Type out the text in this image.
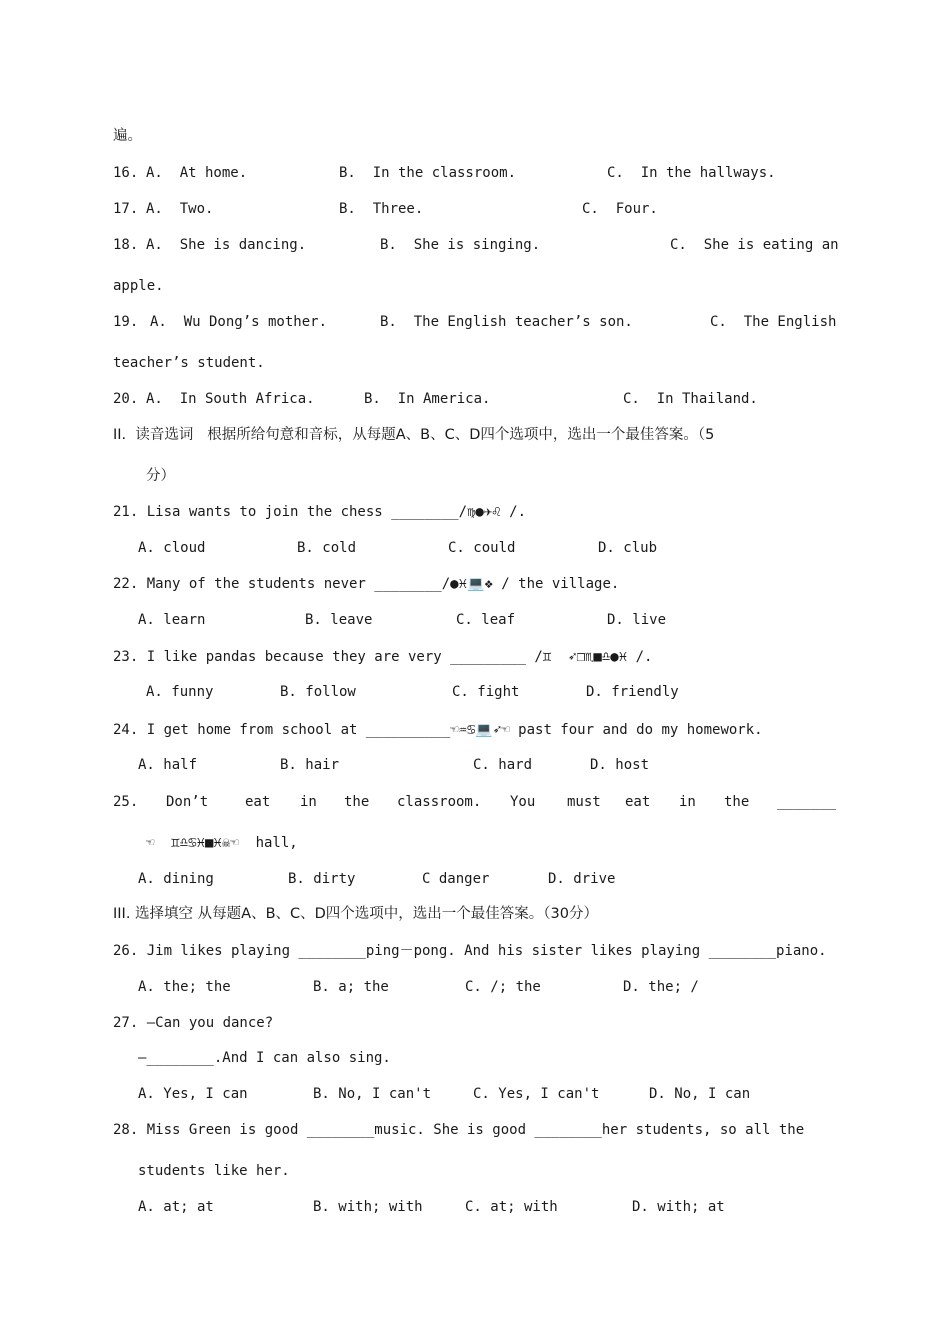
遍。
16. A.  At home.	B.  In the classroom.	C.  In the hallways.
17. A.  Two.	B.  Three.	C.  Four.
18. A.  She is dancing.	B.  She is singing.	C.  She is eating an
apple.
19. A.  Wu Dong’s mother.	B.  The English teacher’s son.	C.  The English
teacher’s student.
20. A.  In South Africa.	B.  In America.	C.  In Thailand.
II.  读音选词   根据所给句意和音标，从每题A、B、C、D四个选项中，选出一个最佳答案。（5
分）
21. Lisa wants to join the chess ________/♍●✈♌ /.
A. cloud	B. cold	C. could	D. club
22. Many of the students never ________/●♓💻❖ / the village.
A. learn	B. leave	C. leaf	D. live
23. I like pandas because they are very _________ /♊  ➶❒♏■♎●♓ /.
A. funny	B. follow	C. fight	D. friendly
24. I get home from school at __________☜♒♋💻➶☜ past four and do my homework.
A. half	B. hair	C. hard	D. host
25. Don’t	eat in the classroom. You must eat in the _______
☜  ♊♎♋♓■♓☠☜  hall,
A. dining	B. dirty	C danger	D. drive
III. 选择填空 从每题A、B、C、D四个选项中，选出一个最佳答案。（30分）
26. Jim likes playing ________ping－pong. And his sister likes playing ________piano.
A. the; the	B. a; the	C. /; the	D. the; /
27. —Can you dance?
—________.And I can also sing.
A. Yes, I can	B. No, I can't	C. Yes, I can't	D. No, I can
28. Miss Green is good ________music. She is good ________her students, so all the
students like her.
A. at; at	B. with; with	C. at; with	D. with; at
